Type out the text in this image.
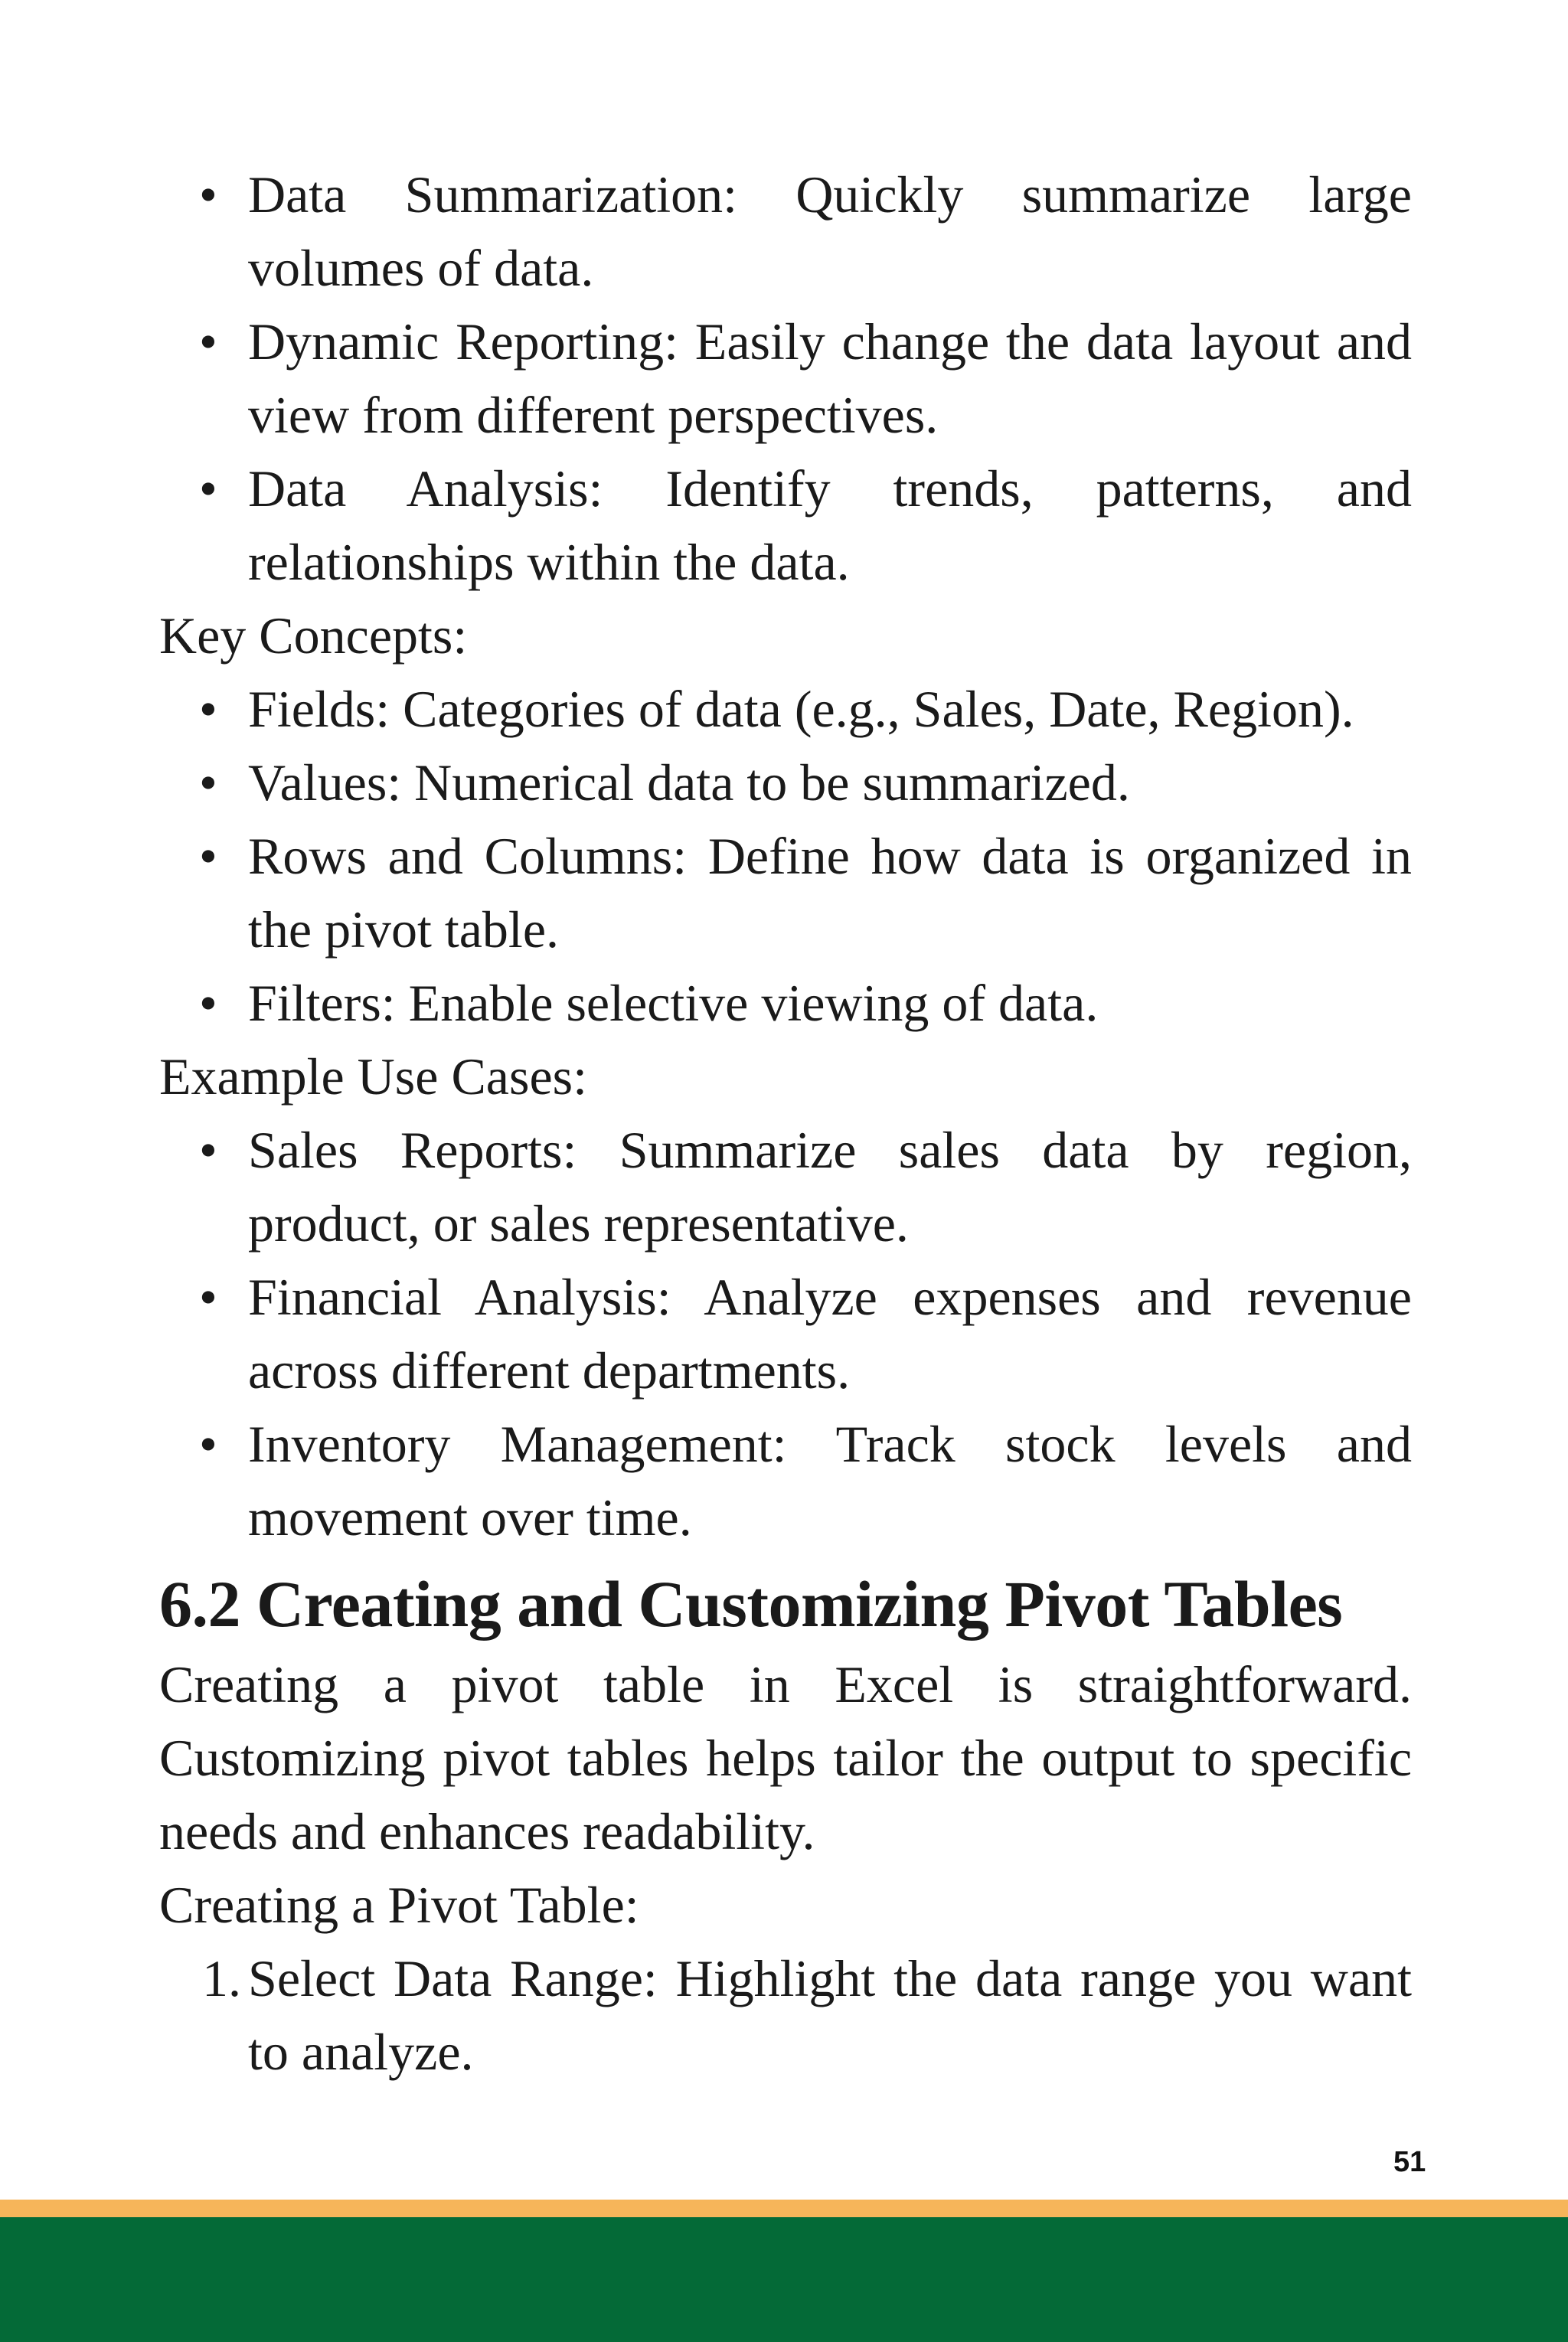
• Data Summarization: Quickly summarize large volumes of data.
• Dynamic Reporting: Easily change the data layout and view from different perspectives.
• Data Analysis: Identify trends, patterns, and relationships within the data.

Key Concepts:

• Fields: Categories of data (e.g., Sales, Date, Region).
• Values: Numerical data to be summarized.
• Rows and Columns: Define how data is organized in the pivot table.
• Filters: Enable selective viewing of data.

Example Use Cases:

• Sales Reports: Summarize sales data by region, product, or sales representative.
• Financial Analysis: Analyze expenses and revenue across different departments.
• Inventory Management: Track stock levels and movement over time.
6.2 Creating and Customizing Pivot Tables

Creating a pivot table in Excel is straightforward. Customizing pivot tables helps tailor the output to specific needs and enhances readability.

Creating a Pivot Table:

1. Select Data Range: Highlight the data range you want to analyze.
51
